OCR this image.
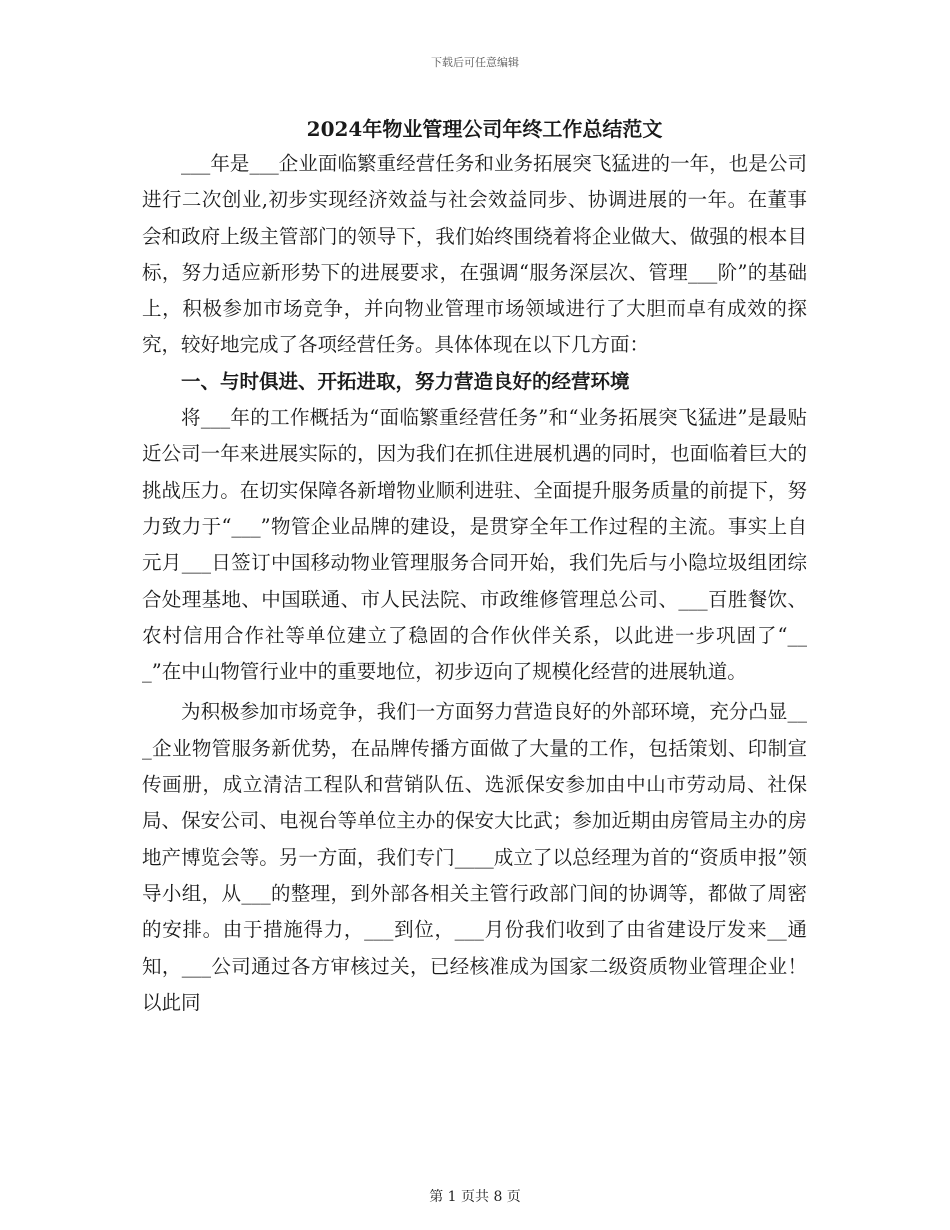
下载后可任意编辑

2024年物业管理公司年终工作总结范文

___年是___企业面临繁重经营任务和业务拓展突飞猛进的一年，也是公司进行二次创业,初步实现经济效益与社会效益同步、协调进展的一年。在董事会和政府上级主管部门的领导下，我们始终围绕着将企业做大、做强的根本目标，努力适应新形势下的进展要求，在强调“服务深层次、管理___阶”的基础上，积极参加市场竞争，并向物业管理市场领域进行了大胆而卓有成效的探究，较好地完成了各项经营任务。具体体现在以下几方面：

一、与时俱进、开拓进取，努力营造良好的经营环境

将___年的工作概括为“面临繁重经营任务”和“业务拓展突飞猛进”是最贴近公司一年来进展实际的，因为我们在抓住进展机遇的同时，也面临着巨大的挑战压力。在切实保障各新增物业顺利进驻、全面提升服务质量的前提下，努力致力于“___”物管企业品牌的建设，是贯穿全年工作过程的主流。事实上自元月___日签订中国移动物业管理服务合同开始，我们先后与小隐垃圾组团综合处理基地、中国联通、市人民法院、市政维修管理总公司、___百胜餐饮、农村信用合作社等单位建立了稳固的合作伙伴关系，以此进一步巩固了“___”在中山物管行业中的重要地位，初步迈向了规模化经营的进展轨道。

为积极参加市场竞争，我们一方面努力营造良好的外部环境，充分凸显___企业物管服务新优势，在品牌传播方面做了大量的工作，包括策划、印制宣传画册，成立清洁工程队和营销队伍、选派保安参加由中山市劳动局、社保局、保安公司、电视台等单位主办的保安大比武；参加近期由房管局主办的房地产博览会等。另一方面，我们专门____成立了以总经理为首的“资质申报”领导小组，从___的整理，到外部各相关主管行政部门间的协调等，都做了周密的安排。由于措施得力，___到位，___月份我们收到了由省建设厅发来__通知，___公司通过各方审核过关，已经核准成为国家二级资质物业管理企业！以此同

第 1 页共 8 页
